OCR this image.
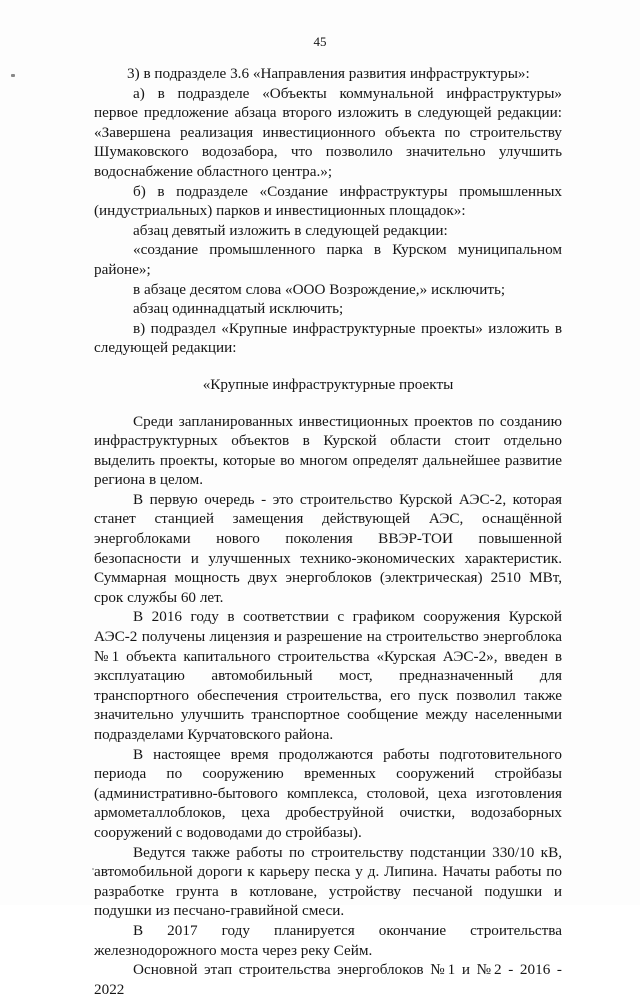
45

3) в подразделе 3.6 «Направления развития инфраструктуры»:

а) в подразделе «Объекты коммунальной инфраструктуры» первое предложение абзаца второго изложить в следующей редакции: «Завершена реализация инвестиционного объекта по строительству Шумаковского водозабора, что позволило значительно улучшить водоснабжение областного центра.»;

б) в подразделе «Создание инфраструктуры промышленных (индустриальных) парков и инвестиционных площадок»:

абзац девятый изложить в следующей редакции:

«создание промышленного парка в Курском муниципальном районе»;

в абзаце десятом слова «ООО Возрождение,» исключить;

абзац одиннадцатый исключить;

в) подраздел «Крупные инфраструктурные проекты» изложить в следующей редакции:

«Крупные инфраструктурные проекты

Среди запланированных инвестиционных проектов по созданию инфраструктурных объектов в Курской области стоит отдельно выделить проекты, которые во многом определят дальнейшее развитие региона в целом.

В первую очередь - это строительство Курской АЭС-2, которая станет станцией замещения действующей АЭС, оснащённой энергоблоками нового поколения ВВЭР-ТОИ повышенной безопасности и улучшенных технико-экономических характеристик. Суммарная мощность двух энергоблоков (электрическая) 2510 МВт, срок службы 60 лет.

В 2016 году в соответствии с графиком сооружения Курской АЭС-2 получены лицензия и разрешение на строительство энергоблока №1 объекта капитального строительства «Курская АЭС-2», введен в эксплуатацию автомобильный мост, предназначенный для транспортного обеспечения строительства, его пуск позволил также значительно улучшить транспортное сообщение между населенными подразделами Курчатовского района.

В настоящее время продолжаются работы подготовительного периода по сооружению временных сооружений стройбазы (административно-бытового комплекса, столовой, цеха изготовления армометаллоблоков, цеха дробеструйной очистки, водозаборных сооружений с водоводами до стройбазы).

Ведутся также работы по строительству подстанции 330/10 кВ, автомобильной дороги к карьеру песка у д. Липина. Начаты работы по разработке грунта в котловане, устройству песчаной подушки и подушки из песчано-гравийной смеси.

В 2017 году планируется окончание строительства железнодорожного моста через реку Сейм.

Основной этап строительства энергоблоков №1 и №2 - 2016 - 2022
